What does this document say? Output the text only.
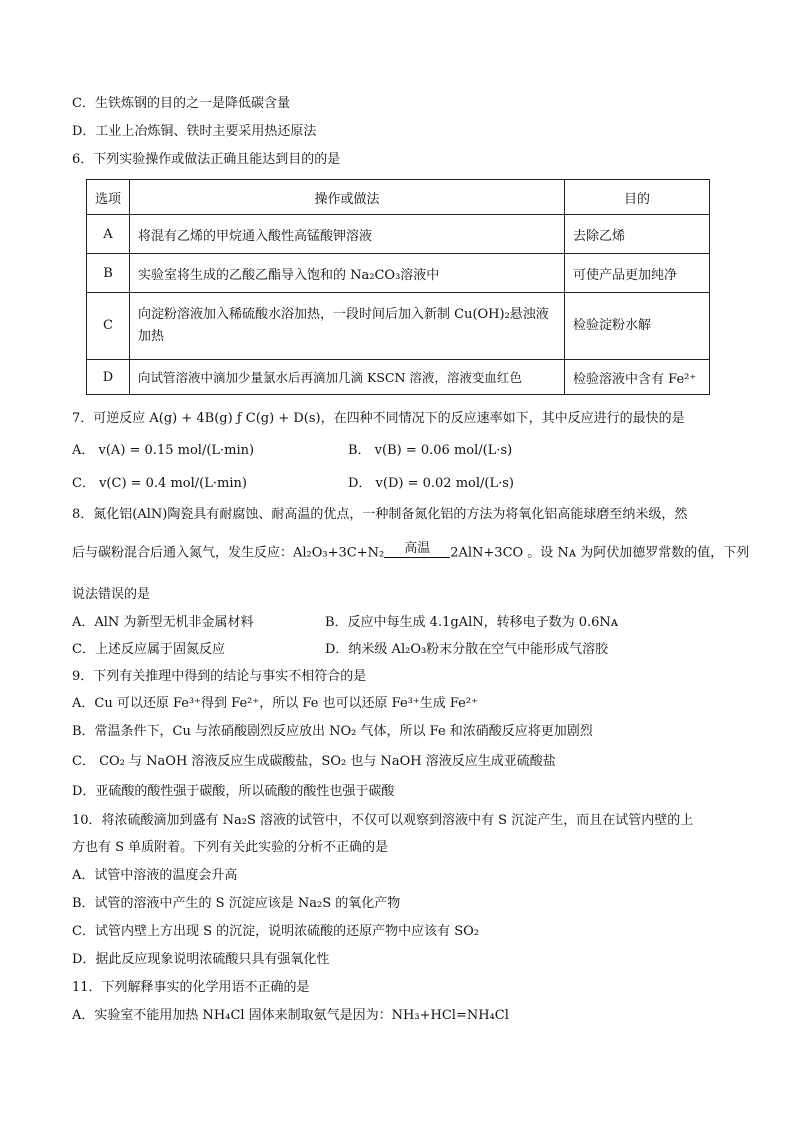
C．生铁炼钢的目的之一是降低碳含量
D．工业上冶炼铜、铁时主要采用热还原法
6．下列实验操作或做法正确且能达到目的的是
选项	操作或做法	目的
A	将混有乙烯的甲烷通入酸性高锰酸钾溶液	去除乙烯
B	实验室将生成的乙酸乙酯导入饱和的 Na₂CO₃溶液中	可使产品更加纯净
C	向淀粉溶液加入稀硫酸水浴加热，一段时间后加入新制 Cu(OH)₂悬浊液加热	检验淀粉水解
D	向试管溶液中滴加少量氯水后再滴加几滴 KSCN 溶液，溶液变血红色	检验溶液中含有 Fe²⁺
7．可逆反应 A(g) + 4B(g) ƒ C(g) + D(s)，在四种不同情况下的反应速率如下，其中反应进行的最快的是
A． v(A) = 0.15 mol/(L·min)	B． v(B) = 0.06 mol/(L·s)
C． v(C) = 0.4 mol/(L·min)	D． v(D) = 0.02 mol/(L·s)
8．氮化铝(AlN)陶瓷具有耐腐蚀、耐高温的优点，一种制备氮化铝的方法为将氧化铝高能球磨至纳米级，然
后与碳粉混合后通入氮气，发生反应：Al₂O₃+3C+N₂	高温	2AlN+3CO 。设 Nᴀ 为阿伏加德罗常数的值，下列
说法错误的是
A．AlN 为新型无机非金属材料	B．反应中每生成 4.1gAlN，转移电子数为 0.6Nᴀ
C．上述反应属于固氮反应	D．纳米级 Al₂O₃粉末分散在空气中能形成气溶胶
9．下列有关推理中得到的结论与事实不相符合的是
A．Cu 可以还原 Fe³⁺得到 Fe²⁺，所以 Fe 也可以还原 Fe³⁺生成 Fe²⁺
B．常温条件下，Cu 与浓硝酸剧烈反应放出 NO₂ 气体，所以 Fe 和浓硝酸反应将更加剧烈
C． CO₂ 与 NaOH 溶液反应生成碳酸盐，SO₂ 也与 NaOH 溶液反应生成亚硫酸盐
D．亚硫酸的酸性强于碳酸，所以硫酸的酸性也强于碳酸
10．将浓硫酸滴加到盛有 Na₂S 溶液的试管中，不仅可以观察到溶液中有 S 沉淀产生，而且在试管内壁的上
方也有 S 单质附着。下列有关此实验的分析不正确的是
A．试管中溶液的温度会升高
B．试管的溶液中产生的 S 沉淀应该是 Na₂S 的氧化产物
C．试管内壁上方出现 S 的沉淀，说明浓硫酸的还原产物中应该有 SO₂
D．据此反应现象说明浓硫酸只具有强氧化性
11．下列解释事实的化学用语不正确的是
A．实验室不能用加热 NH₄Cl 固体来制取氨气是因为：NH₃+HCl=NH₄Cl
